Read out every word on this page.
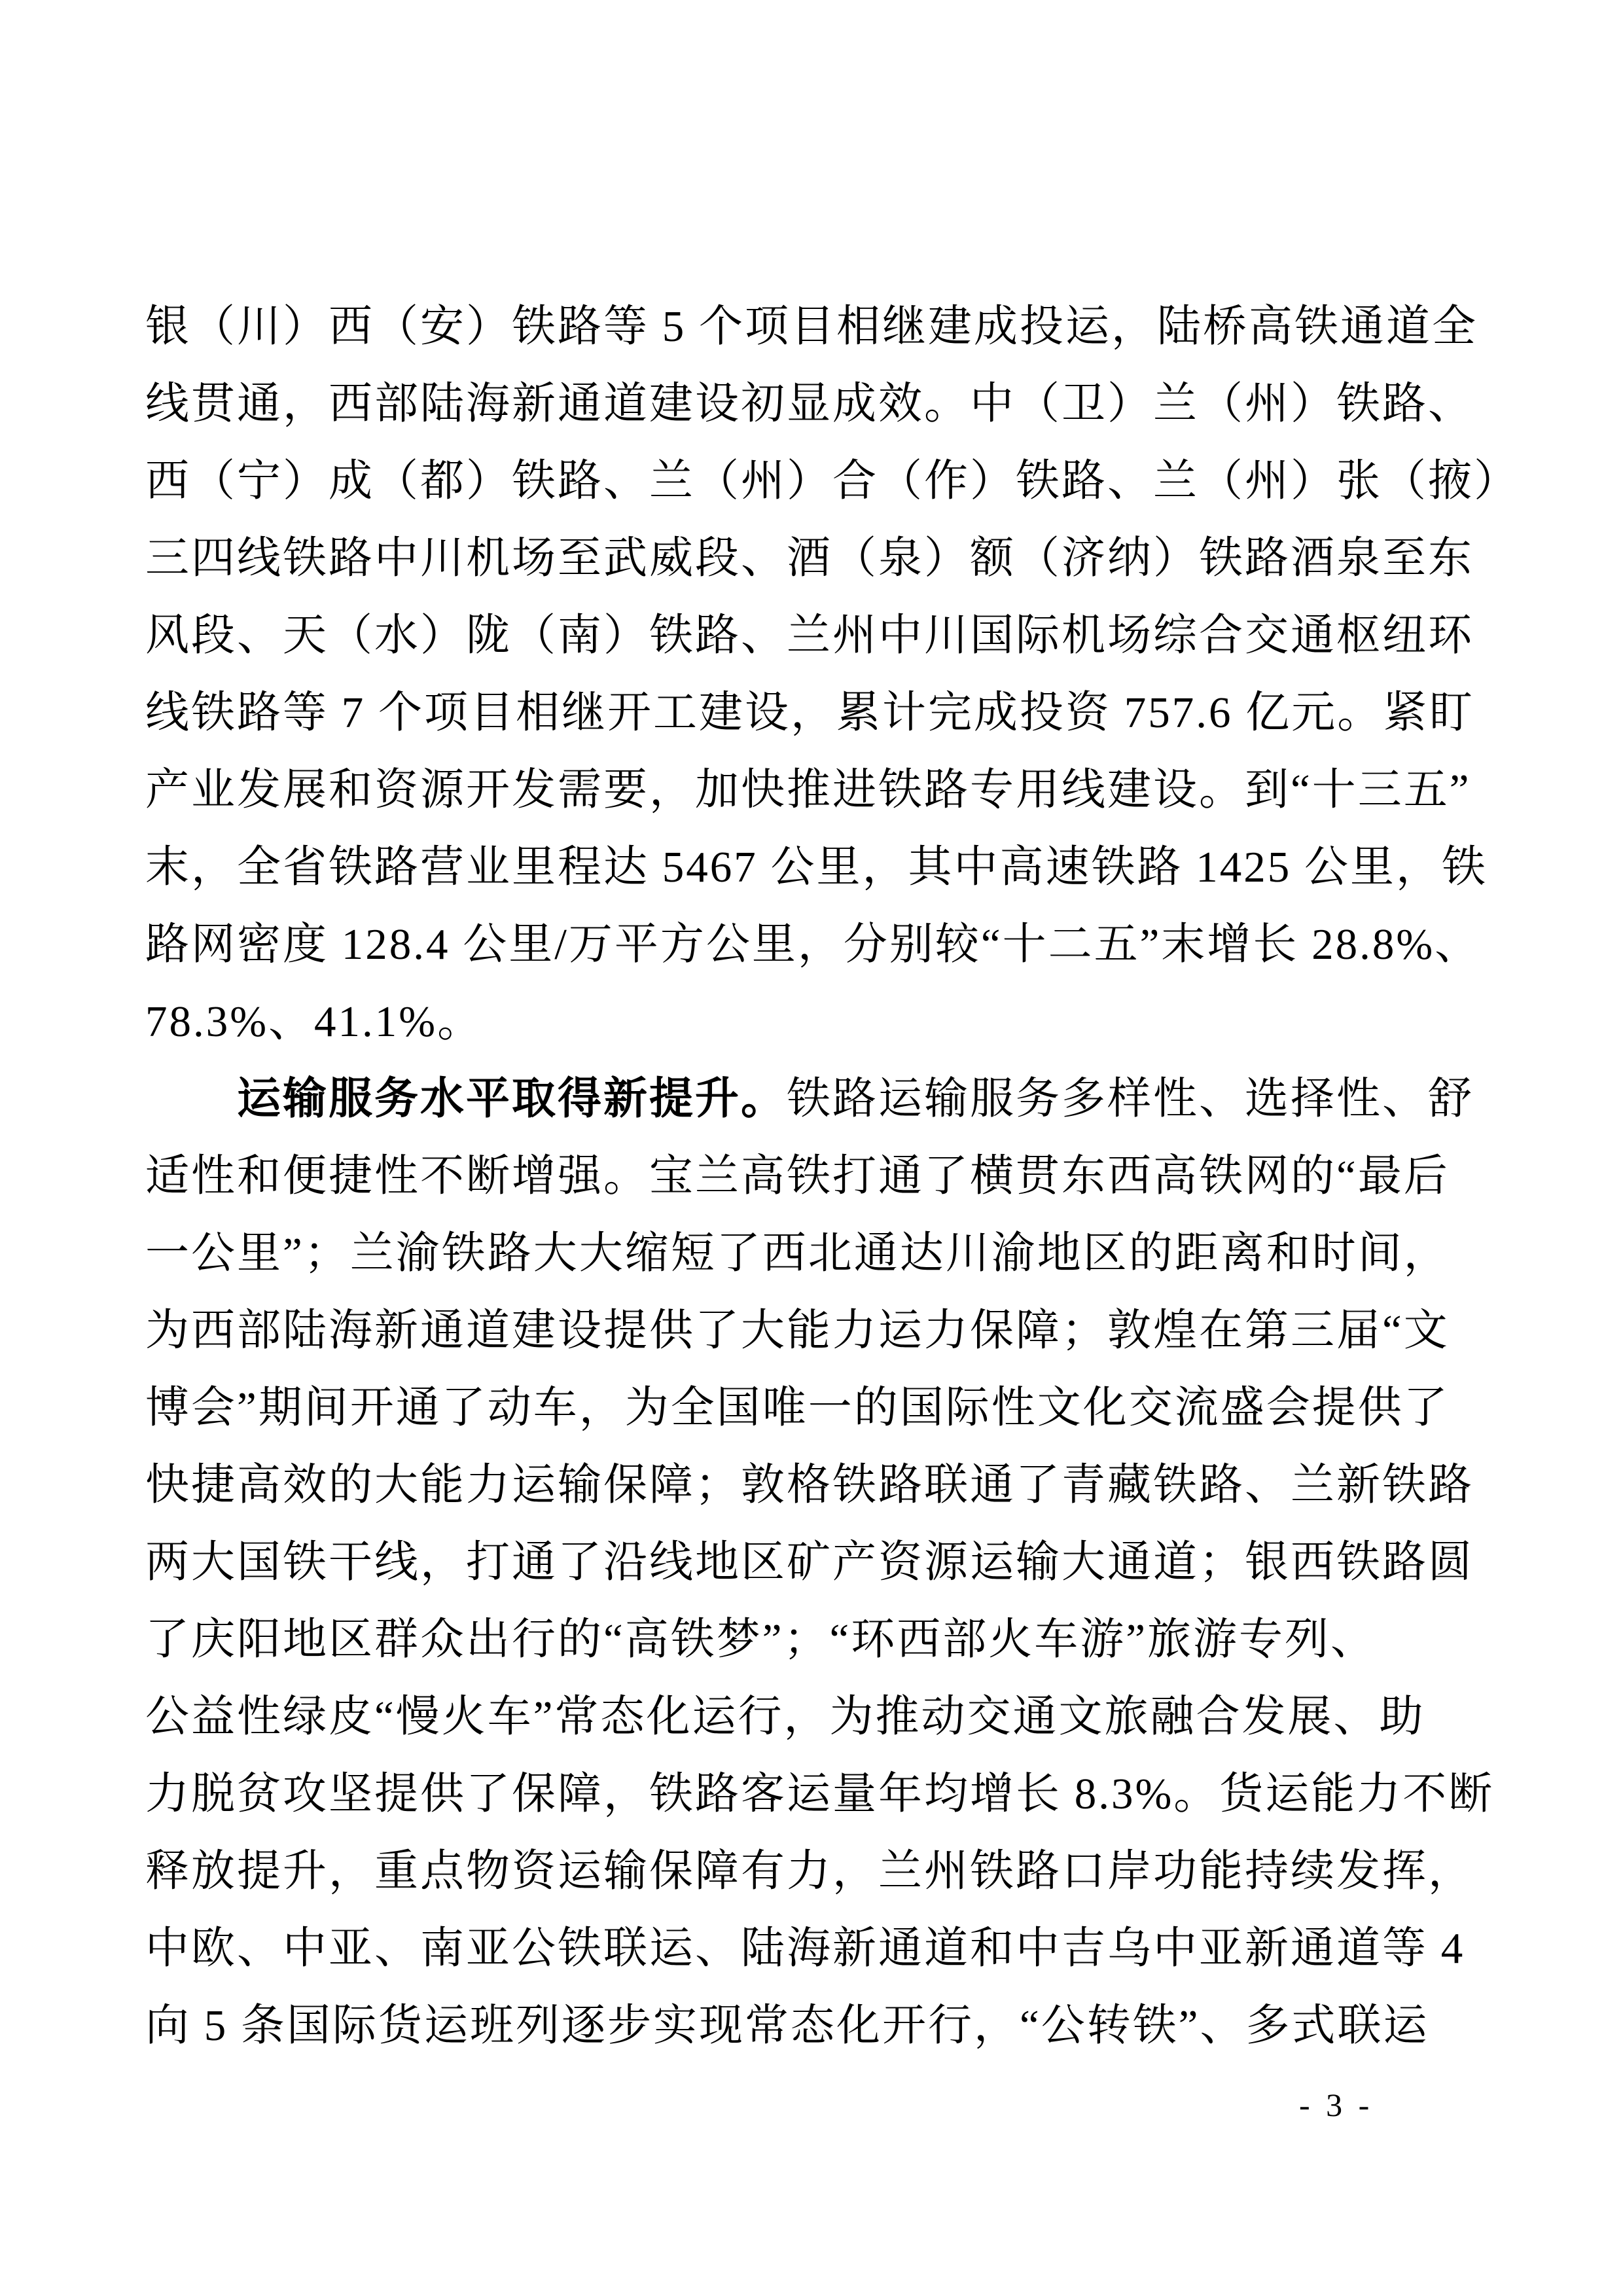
银（川）西（安）铁路等 5 个项目相继建成投运，陆桥高铁通道全
线贯通，西部陆海新通道建设初显成效。中（卫）兰（州）铁路、
西（宁）成（都）铁路、兰（州）合（作）铁路、兰（州）张（掖）
三四线铁路中川机场至武威段、酒（泉）额（济纳）铁路酒泉至东
风段、天（水）陇（南）铁路、兰州中川国际机场综合交通枢纽环
线铁路等 7 个项目相继开工建设，累计完成投资 757.6 亿元。紧盯
产业发展和资源开发需要，加快推进铁路专用线建设。到“十三五”
末，全省铁路营业里程达 5467 公里，其中高速铁路 1425 公里，铁
路网密度 128.4 公里/万平方公里，分别较“十二五”末增长 28.8%、
78.3%、41.1%。
运输服务水平取得新提升。铁路运输服务多样性、选择性、舒
适性和便捷性不断增强。宝兰高铁打通了横贯东西高铁网的“最后
一公里”；兰渝铁路大大缩短了西北通达川渝地区的距离和时间，
为西部陆海新通道建设提供了大能力运力保障；敦煌在第三届“文
博会”期间开通了动车，为全国唯一的国际性文化交流盛会提供了
快捷高效的大能力运输保障；敦格铁路联通了青藏铁路、兰新铁路
两大国铁干线，打通了沿线地区矿产资源运输大通道；银西铁路圆
了庆阳地区群众出行的“高铁梦”；“环西部火车游”旅游专列、
公益性绿皮“慢火车”常态化运行，为推动交通文旅融合发展、助
力脱贫攻坚提供了保障，铁路客运量年均增长 8.3%。货运能力不断
释放提升，重点物资运输保障有力，兰州铁路口岸功能持续发挥，
中欧、中亚、南亚公铁联运、陆海新通道和中吉乌中亚新通道等 4
向 5 条国际货运班列逐步实现常态化开行，“公转铁”、多式联运
- 3 -
